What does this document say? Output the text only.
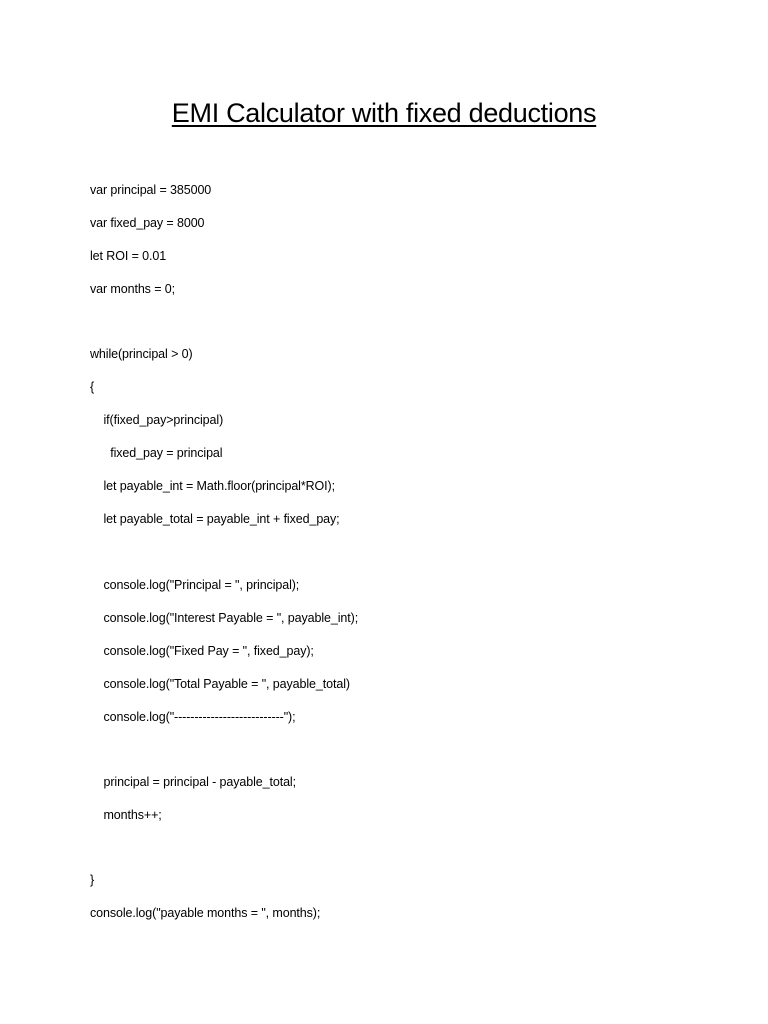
EMI Calculator with fixed deductions
var principal = 385000
var fixed_pay = 8000
let ROI = 0.01
var months = 0;
while(principal > 0)
{
if(fixed_pay>principal)
fixed_pay = principal
let payable_int = Math.floor(principal*ROI);
let payable_total = payable_int + fixed_pay;
console.log("Principal = ", principal);
console.log("Interest Payable = ", payable_int);
console.log("Fixed Pay = ", fixed_pay);
console.log("Total Payable = ", payable_total)
console.log("---------------------------");
principal = principal - payable_total;
months++;
}
console.log("payable months = ", months);
